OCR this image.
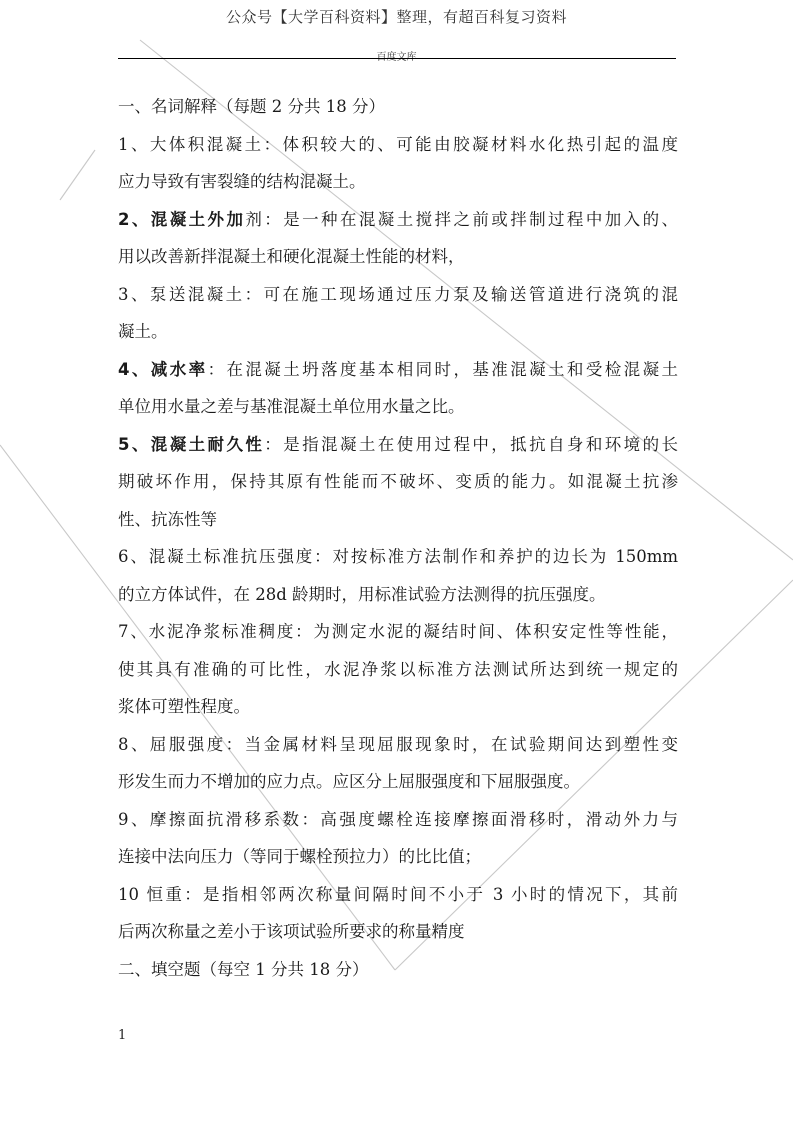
公众号【大学百科资料】整理，有超百科复习资料
百度文库
一、名词解释（每题 2 分共 18 分）
1、大体积混凝土：体积较大的、可能由胶凝材料水化热引起的温度
应力导致有害裂缝的结构混凝土。
2、混凝土外加剂：是一种在混凝土搅拌之前或拌制过程中加入的、
用以改善新拌混凝土和硬化混凝土性能的材料，
3、泵送混凝土：可在施工现场通过压力泵及输送管道进行浇筑的混
凝土。
4、减水率：在混凝土坍落度基本相同时，基准混凝土和受检混凝土
单位用水量之差与基准混凝土单位用水量之比。
5、混凝土耐久性：是指混凝土在使用过程中，抵抗自身和环境的长
期破坏作用，保持其原有性能而不破坏、变质的能力。如混凝土抗渗
性、抗冻性等
6、混凝土标准抗压强度：对按标准方法制作和养护的边长为 150mm
的立方体试件，在 28d 龄期时，用标准试验方法测得的抗压强度。
7、水泥净浆标准稠度：为测定水泥的凝结时间、体积安定性等性能，
使其具有准确的可比性，水泥净浆以标准方法测试所达到统一规定的
浆体可塑性程度。
8、屈服强度：当金属材料呈现屈服现象时，在试验期间达到塑性变
形发生而力不增加的应力点。应区分上屈服强度和下屈服强度。
9、摩擦面抗滑移系数：高强度螺栓连接摩擦面滑移时，滑动外力与
连接中法向压力（等同于螺栓预拉力）的比比值；
10 恒重：是指相邻两次称量间隔时间不小于 3 小时的情况下，其前
后两次称量之差小于该项试验所要求的称量精度
二、填空题（每空 1 分共 18 分）
1
